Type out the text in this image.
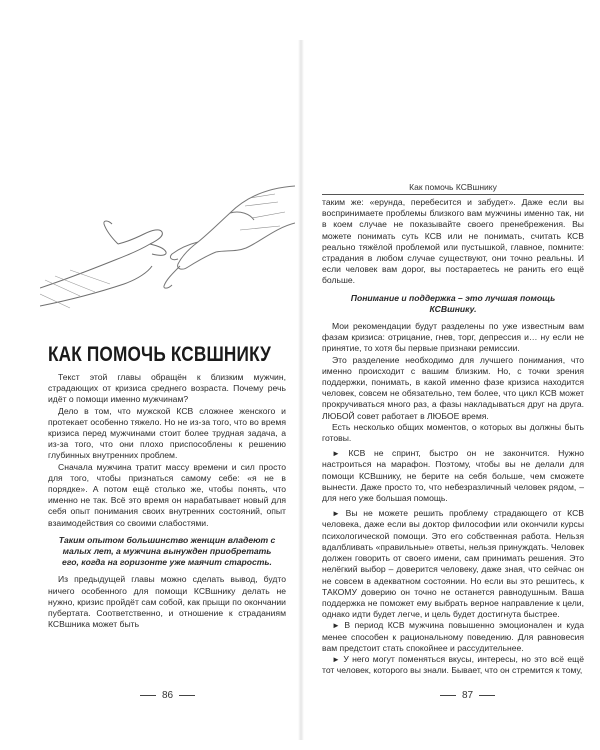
КАК ПОМОЧЬ КСВШНИКУ

Текст этой главы обращён к близким мужчин, страдающих от кризиса среднего возраста. Почему речь идёт о помощи именно мужчинам?

Дело в том, что мужской КСВ сложнее женского и протекает особенно тяжело. Но не из-за того, что во время кризиса перед мужчинами стоит более трудная задача, а из-за того, что они плохо приспособлены к решению глубинных внутренних проблем.

Сначала мужчина тратит массу времени и сил просто для того, чтобы признаться самому себе: «я не в порядке». А потом ещё столько же, чтобы понять, что именно не так. Всё это время он нарабатывает новый для себя опыт понимания своих внутренних состояний, опыт взаимодействия со своими слабостями.

Таким опытом большинство женщин владеют с малых лет, а мужчина вынужден приобретать его, когда на горизонте уже маячит старость.

Из предыдущей главы можно сделать вывод, будто ничего особенного для помощи КСВшнику делать не нужно, кризис пройдёт сам собой, как прыщи по окончании пубертата. Соответственно, и отношение к страданиям КСВшника может быть

86
Как помочь КСВшнику

таким же: «ерунда, перебесится и забудет». Даже если вы воспринимаете проблемы близкого вам мужчины именно так, ни в коем случае не показывайте своего пренебрежения. Вы можете понимать суть КСВ или не понимать, считать КСВ реально тяжёлой проблемой или пустышкой, главное, помните: страдания в любом случае существуют, они точно реальны. И если человек вам дорог, вы постараетесь не ранить его ещё больше.

Понимание и поддержка – это лучшая помощь КСВшнику.

Мои рекомендации будут разделены по уже известным вам фазам кризиса: отрицание, гнев, торг, депрессия и… ну если не принятие, то хотя бы первые признаки ремиссии.

Это разделение необходимо для лучшего понимания, что именно происходит с вашим близким. Но, с точки зрения поддержки, понимать, в какой именно фазе кризиса находится человек, совсем не обязательно, тем более, что цикл КСВ может прокручиваться много раз, а фазы накладываться друг на друга. ЛЮБОЙ совет работает в ЛЮБОЕ время.

Есть несколько общих моментов, о которых вы должны быть готовы.

► КСВ не спринт, быстро он не закончится. Нужно настроиться на марафон. Поэтому, чтобы вы не делали для помощи КСВшнику, не берите на себя больше, чем сможете вынести. Даже просто то, что небезразличный человек рядом, – для него уже большая помощь.

► Вы не можете решить проблему страдающего от КСВ человека, даже если вы доктор философии или окончили курсы психологической помощи. Это его собственная работа. Нельзя вдалбливать «правильные» ответы, нельзя принуждать. Человек должен говорить от своего имени, сам принимать решения. Это нелёгкий выбор – доверится человеку, даже зная, что сейчас он не совсем в адекватном состоянии. Но если вы это решитесь, к ТАКОМУ доверию он точно не останется равнодушным. Ваша поддержка не поможет ему выбрать верное направление к цели, однако идти будет легче, и цель будет достигнута быстрее.

► В период КСВ мужчина повышенно эмоционален и куда менее способен к рациональному поведению. Для равновесия вам предстоит стать спокойнее и рассудительнее.

► У него могут поменяться вкусы, интересы, но это всё ещё тот человек, которого вы знали. Бывает, что он стремится к тому,

87
